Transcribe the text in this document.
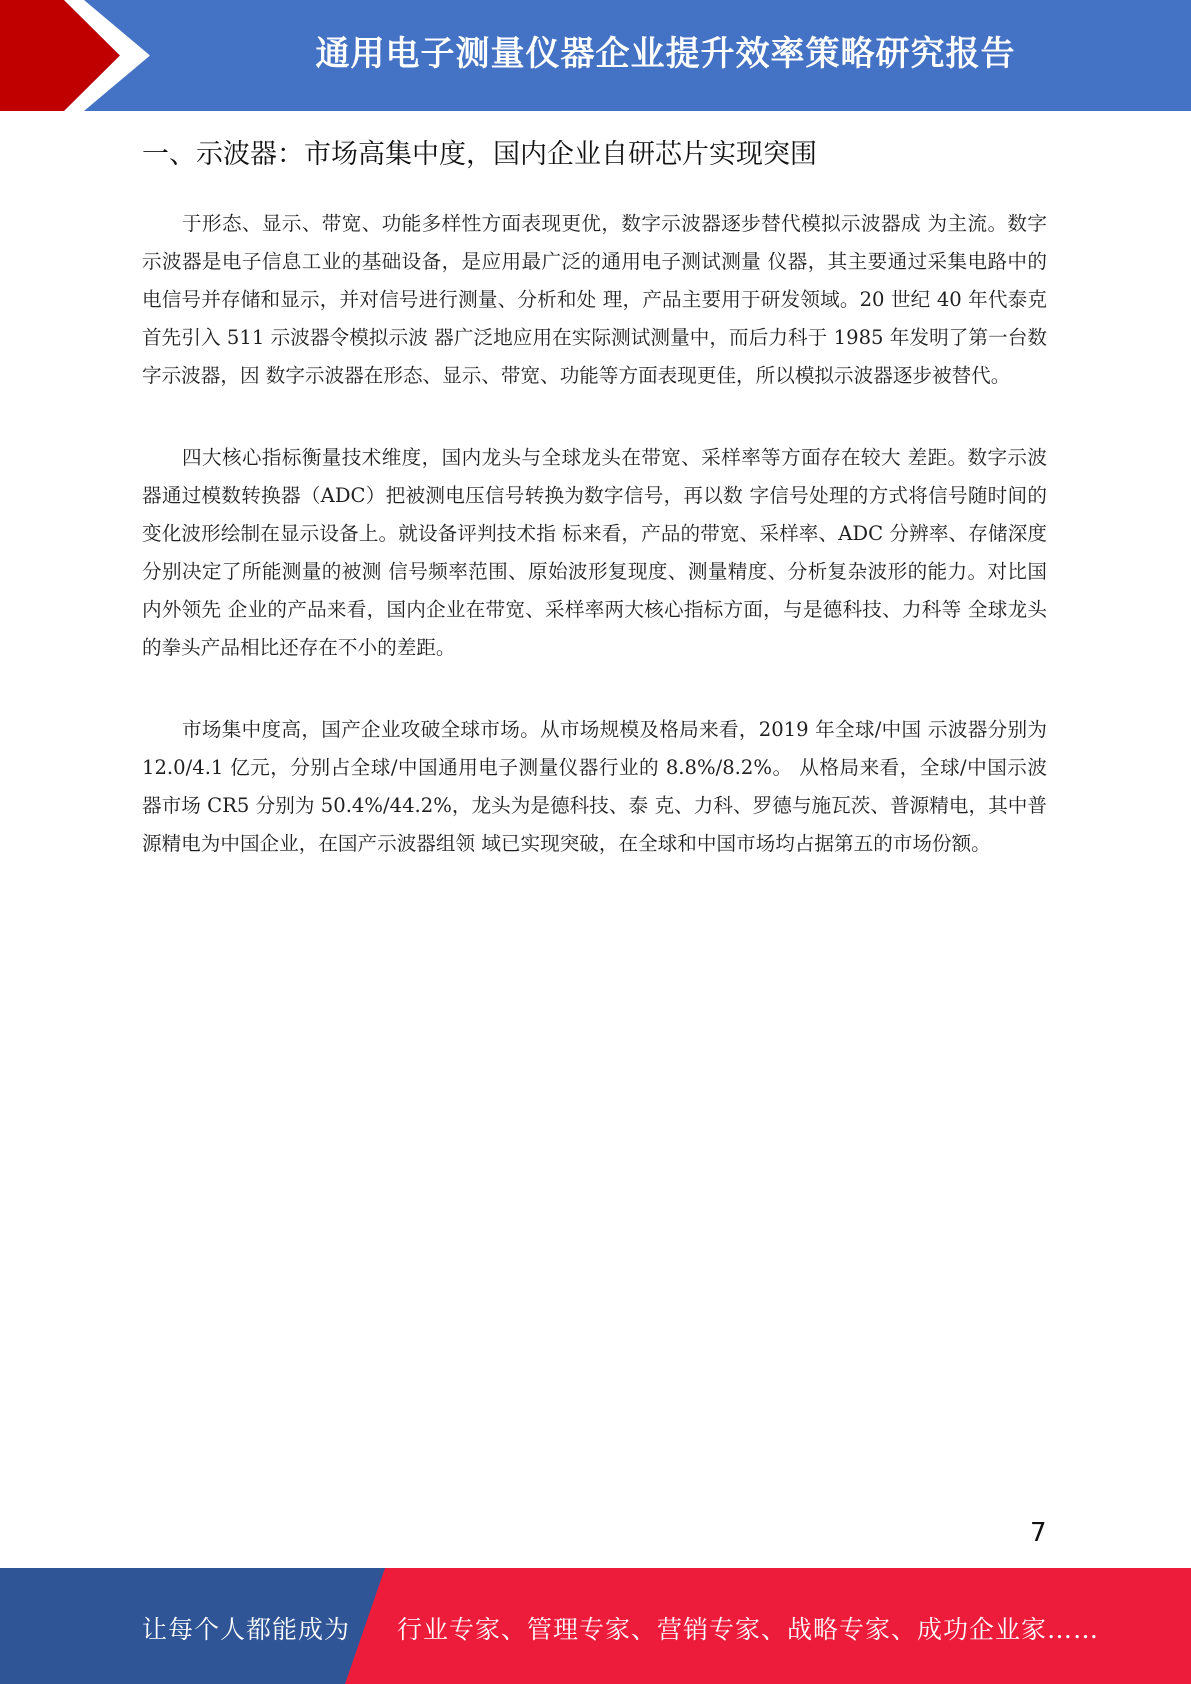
通用电子测量仪器企业提升效率策略研究报告
一、示波器：市场高集中度，国内企业自研芯片实现突围

于形态、显示、带宽、功能多样性方面表现更优，数字示波器逐步替代模拟示波器成 为主流。数字示波器是电子信息工业的基础设备，是应用最广泛的通用电子测试测量 仪器，其主要通过采集电路中的电信号并存储和显示，并对信号进行测量、分析和处 理，产品主要用于研发领域。20 世纪 40 年代泰克首先引入 511 示波器令模拟示波 器广泛地应用在实际测试测量中，而后力科于 1985 年发明了第一台数字示波器，因 数字示波器在形态、显示、带宽、功能等方面表现更佳，所以模拟示波器逐步被替代。

四大核心指标衡量技术维度，国内龙头与全球龙头在带宽、采样率等方面存在较大 差距。数字示波器通过模数转换器（ADC）把被测电压信号转换为数字信号，再以数 字信号处理的方式将信号随时间的变化波形绘制在显示设备上。就设备评判技术指 标来看，产品的带宽、采样率、ADC 分辨率、存储深度分别决定了所能测量的被测 信号频率范围、原始波形复现度、测量精度、分析复杂波形的能力。对比国内外领先 企业的产品来看，国内企业在带宽、采样率两大核心指标方面，与是德科技、力科等 全球龙头的拳头产品相比还存在不小的差距。

市场集中度高，国产企业攻破全球市场。从市场规模及格局来看，2019 年全球/中国 示波器分别为 12.0/4.1 亿元，分别占全球/中国通用电子测量仪器行业的 8.8%/8.2%。 从格局来看，全球/中国示波器市场 CR5 分别为 50.4%/44.2%，龙头为是德科技、泰 克、力科、罗德与施瓦茨、普源精电，其中普源精电为中国企业，在国产示波器组领 域已实现突破，在全球和中国市场均占据第五的市场份额。

7
让每个人都能成为 行业专家、管理专家、营销专家、战略专家、成功企业家……
